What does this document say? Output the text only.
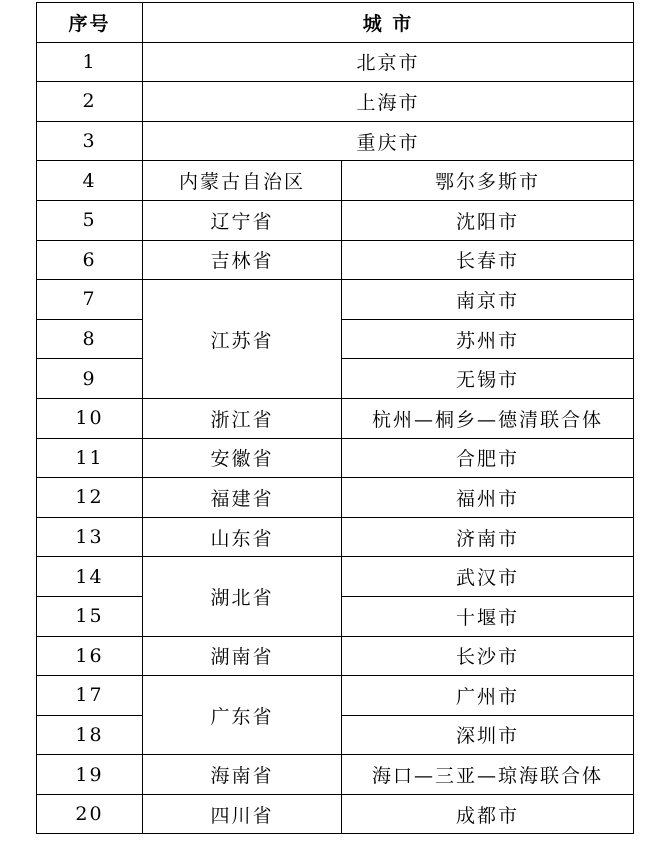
序号	城 市	
1	北京市	
2	上海市	
3	重庆市	
4	内蒙古自治区	鄂尔多斯市
5	辽宁省	沈阳市
6	吉林省	长春市
7	江苏省	南京市
8		苏州市
9		无锡市
10	浙江省	杭州—桐乡—德清联合体
11	安徽省	合肥市
12	福建省	福州市
13	山东省	济南市
14	湖北省	武汉市
15		十堰市
16	湖南省	长沙市
17	广东省	广州市
18		深圳市
19	海南省	海口—三亚—琼海联合体
20	四川省	成都市
